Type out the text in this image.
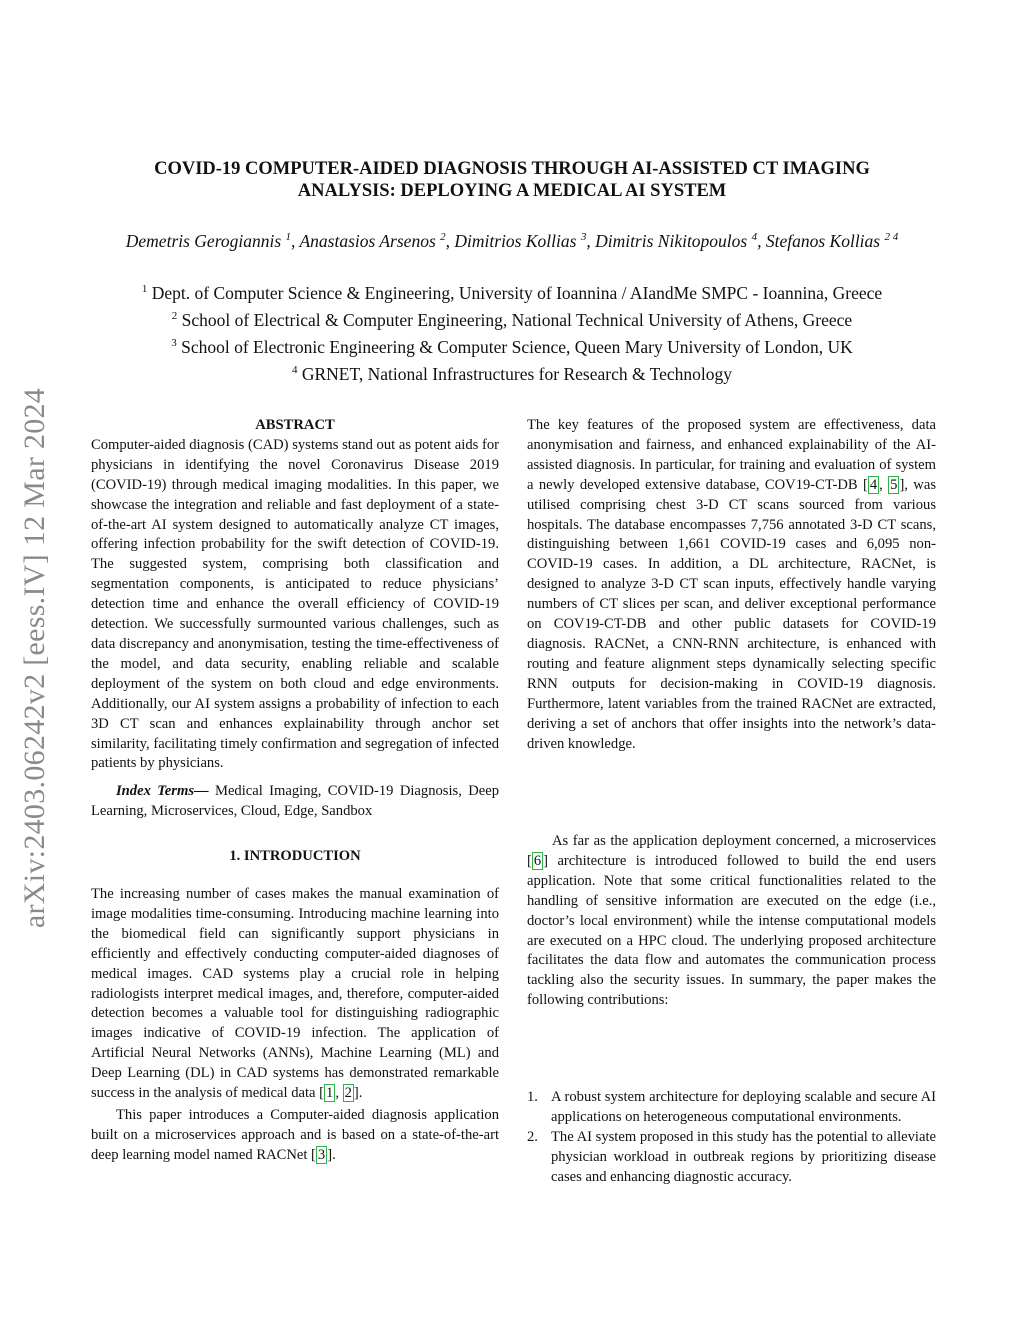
arXiv:2403.06242v2 [eess.IV] 12 Mar 2024
COVID-19 COMPUTER-AIDED DIAGNOSIS THROUGH AI-ASSISTED CT IMAGING
ANALYSIS: DEPLOYING A MEDICAL AI SYSTEM
Demetris Gerogiannis $^1$, Anastasios Arsenos $^2$, Dimitrios Kollias $^3$, Dimitris Nikitopoulos $^4$, Stefanos Kollias $^{2 4}$
$^1$ Dept. of Computer Science & Engineering, University of Ioannina / AIandMe SMPC - Ioannina, Greece
$^2$ School of Electrical & Computer Engineering, National Technical University of Athens, Greece
$^3$ School of Electronic Engineering & Computer Science, Queen Mary University of London, UK
$^4$ GRNET, National Infrastructures for Research & Technology
ABSTRACT

Computer-aided diagnosis (CAD) systems stand out as potent aids for physicians in identifying the novel Coronavirus Disease 2019 (COVID-19) through medical imaging modalities. In this paper, we showcase the integration and reliable and fast deployment of a state-of-the-art AI system designed to automatically analyze CT images, offering infection probability for the swift detection of COVID-19. The suggested system, comprising both classification and segmentation components, is anticipated to reduce physicians’ detection time and enhance the overall efficiency of COVID-19 detection. We successfully surmounted various challenges, such as data discrepancy and anonymisation, testing the time-effectiveness of the model, and data security, enabling reliable and scalable deployment of the system on both cloud and edge environments. Additionally, our AI system assigns a probability of infection to each 3D CT scan and enhances explainability through anchor set similarity, facilitating timely confirmation and segregation of infected patients by physicians.

Index Terms— Medical Imaging, COVID-19 Diagnosis, Deep Learning, Microservices, Cloud, Edge, Sandbox

1. INTRODUCTION

The increasing number of cases makes the manual examination of image modalities time-consuming. Introducing machine learning into the biomedical field can significantly support physicians in efficiently and effectively conducting computer-aided diagnoses of medical images. CAD systems play a crucial role in helping radiologists interpret medical images, and, therefore, computer-aided detection becomes a valuable tool for distinguishing radiographic images indicative of COVID-19 infection. The application of Artificial Neural Networks (ANNs), Machine Learning (ML) and Deep Learning (DL) in CAD systems has demonstrated remarkable success in the analysis of medical data [ 1 , 2 ].

This paper introduces a Computer-aided diagnosis application built on a microservices approach and is based on a state-of-the-art deep learning model named RACNet [ 3 ].

The key features of the proposed system are effectiveness, data anonymisation and fairness, and enhanced explainability of the AI-assisted diagnosis. In particular, for training and evaluation of system a newly developed extensive database, COV19-CT-DB [ 4 , 5 ], was utilised comprising chest 3-D CT scans sourced from various hospitals. The database encompasses 7,756 annotated 3-D CT scans, distinguishing between 1,661 COVID-19 cases and 6,095 non-COVID-19 cases. In addition, a DL architecture, RACNet, is designed to analyze 3-D CT scan inputs, effectively handle varying numbers of CT slices per scan, and deliver exceptional performance on COV19-CT-DB and other public datasets for COVID-19 diagnosis. RACNet, a CNN-RNN architecture, is enhanced with routing and feature alignment steps dynamically selecting specific RNN outputs for decision-making in COVID-19 diagnosis. Furthermore, latent variables from the trained RACNet are extracted, deriving a set of anchors that offer insights into the network’s data-driven knowledge.

As far as the application deployment concerned, a microservices [ 6 ] architecture is introduced followed to build the end users application. Note that some critical functionalities related to the handling of sensitive information are executed on the edge (i.e., doctor’s local environment) while the intense computational models are executed on a HPC cloud. The underlying proposed architecture facilitates the data flow and automates the communication process tackling also the security issues. In summary, the paper makes the following contributions:

1. A robust system architecture for deploying scalable and secure AI applications on heterogeneous computational environments.
2. The AI system proposed in this study has the potential to alleviate physician workload in outbreak regions by prioritizing disease cases and enhancing diagnostic accuracy.
